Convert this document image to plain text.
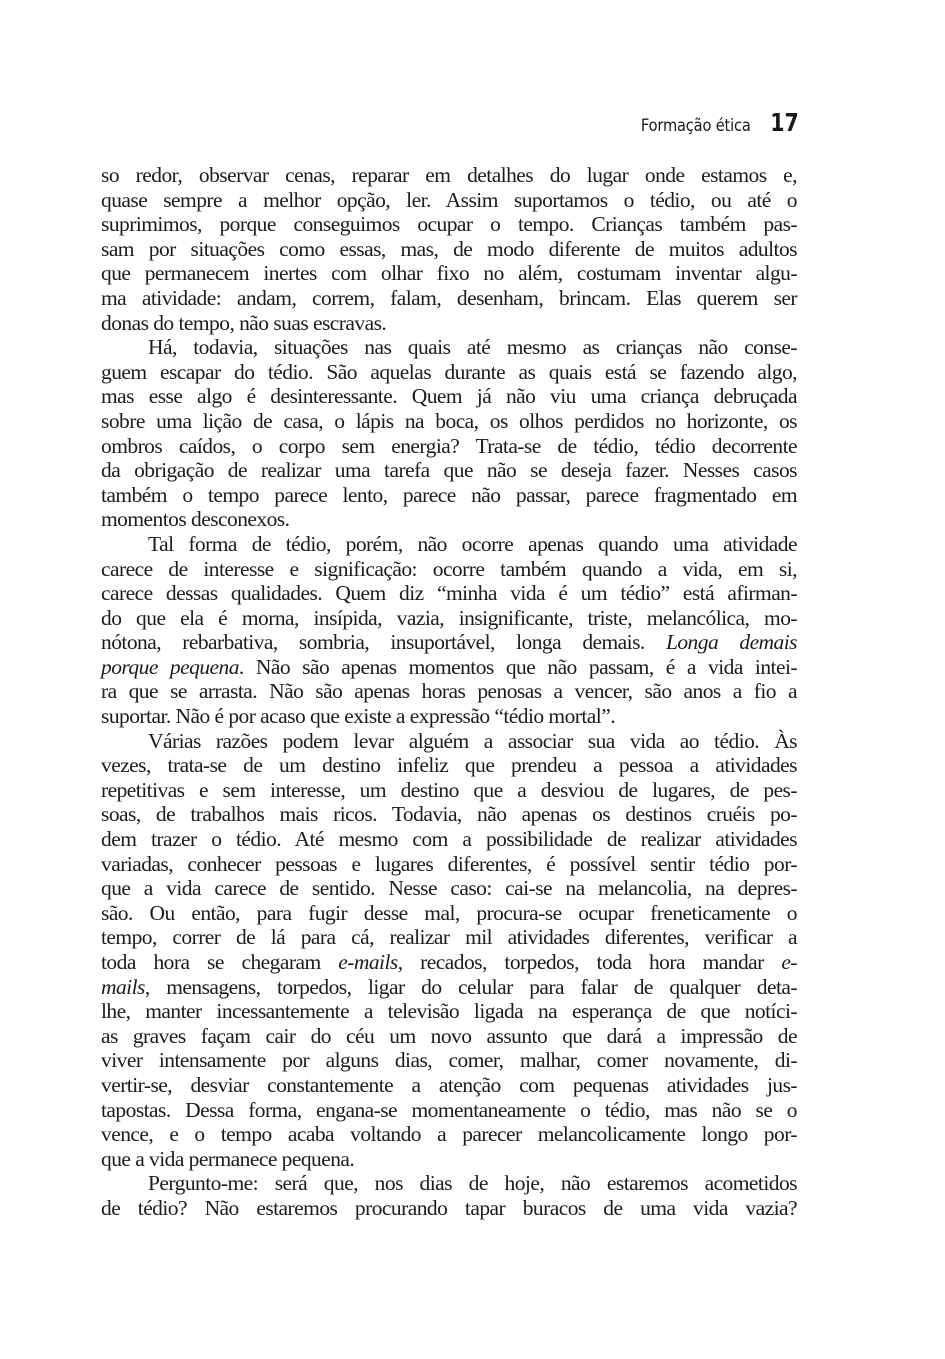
Formação ética 17
so redor, observar cenas, reparar em detalhes do lugar onde estamos e,
quase sempre a melhor opção, ler. Assim suportamos o tédio, ou até o
suprimimos, porque conseguimos ocupar o tempo. Crianças também pas-
sam por situações como essas, mas, de modo diferente de muitos adultos
que permanecem inertes com olhar fixo no além, costumam inventar algu-
ma atividade: andam, correm, falam, desenham, brincam. Elas querem ser
donas do tempo, não suas escravas.
Há, todavia, situações nas quais até mesmo as crianças não conse-
guem escapar do tédio. São aquelas durante as quais está se fazendo algo,
mas esse algo é desinteressante. Quem já não viu uma criança debruçada
sobre uma lição de casa, o lápis na boca, os olhos perdidos no horizonte, os
ombros caídos, o corpo sem energia? Trata-se de tédio, tédio decorrente
da obrigação de realizar uma tarefa que não se deseja fazer. Nesses casos
também o tempo parece lento, parece não passar, parece fragmentado em
momentos desconexos.
Tal forma de tédio, porém, não ocorre apenas quando uma atividade
carece de interesse e significação: ocorre também quando a vida, em si,
carece dessas qualidades. Quem diz “minha vida é um tédio” está afirman-
do que ela é morna, insípida, vazia, insignificante, triste, melancólica, mo-
nótona, rebarbativa, sombria, insuportável, longa demais. Longa demais
porque pequena. Não são apenas momentos que não passam, é a vida intei-
ra que se arrasta. Não são apenas horas penosas a vencer, são anos a fio a
suportar. Não é por acaso que existe a expressão “tédio mortal”.
Várias razões podem levar alguém a associar sua vida ao tédio. Às
vezes, trata-se de um destino infeliz que prendeu a pessoa a atividades
repetitivas e sem interesse, um destino que a desviou de lugares, de pes-
soas, de trabalhos mais ricos. Todavia, não apenas os destinos cruéis po-
dem trazer o tédio. Até mesmo com a possibilidade de realizar atividades
variadas, conhecer pessoas e lugares diferentes, é possível sentir tédio por-
que a vida carece de sentido. Nesse caso: cai-se na melancolia, na depres-
são. Ou então, para fugir desse mal, procura-se ocupar freneticamente o
tempo, correr de lá para cá, realizar mil atividades diferentes, verificar a
toda hora se chegaram e-mails, recados, torpedos, toda hora mandar e-
mails, mensagens, torpedos, ligar do celular para falar de qualquer deta-
lhe, manter incessantemente a televisão ligada na esperança de que notíci-
as graves façam cair do céu um novo assunto que dará a impressão de
viver intensamente por alguns dias, comer, malhar, comer novamente, di-
vertir-se, desviar constantemente a atenção com pequenas atividades jus-
tapostas. Dessa forma, engana-se momentaneamente o tédio, mas não se o
vence, e o tempo acaba voltando a parecer melancolicamente longo por-
que a vida permanece pequena.
Pergunto-me: será que, nos dias de hoje, não estaremos acometidos
de tédio? Não estaremos procurando tapar buracos de uma vida vazia?
